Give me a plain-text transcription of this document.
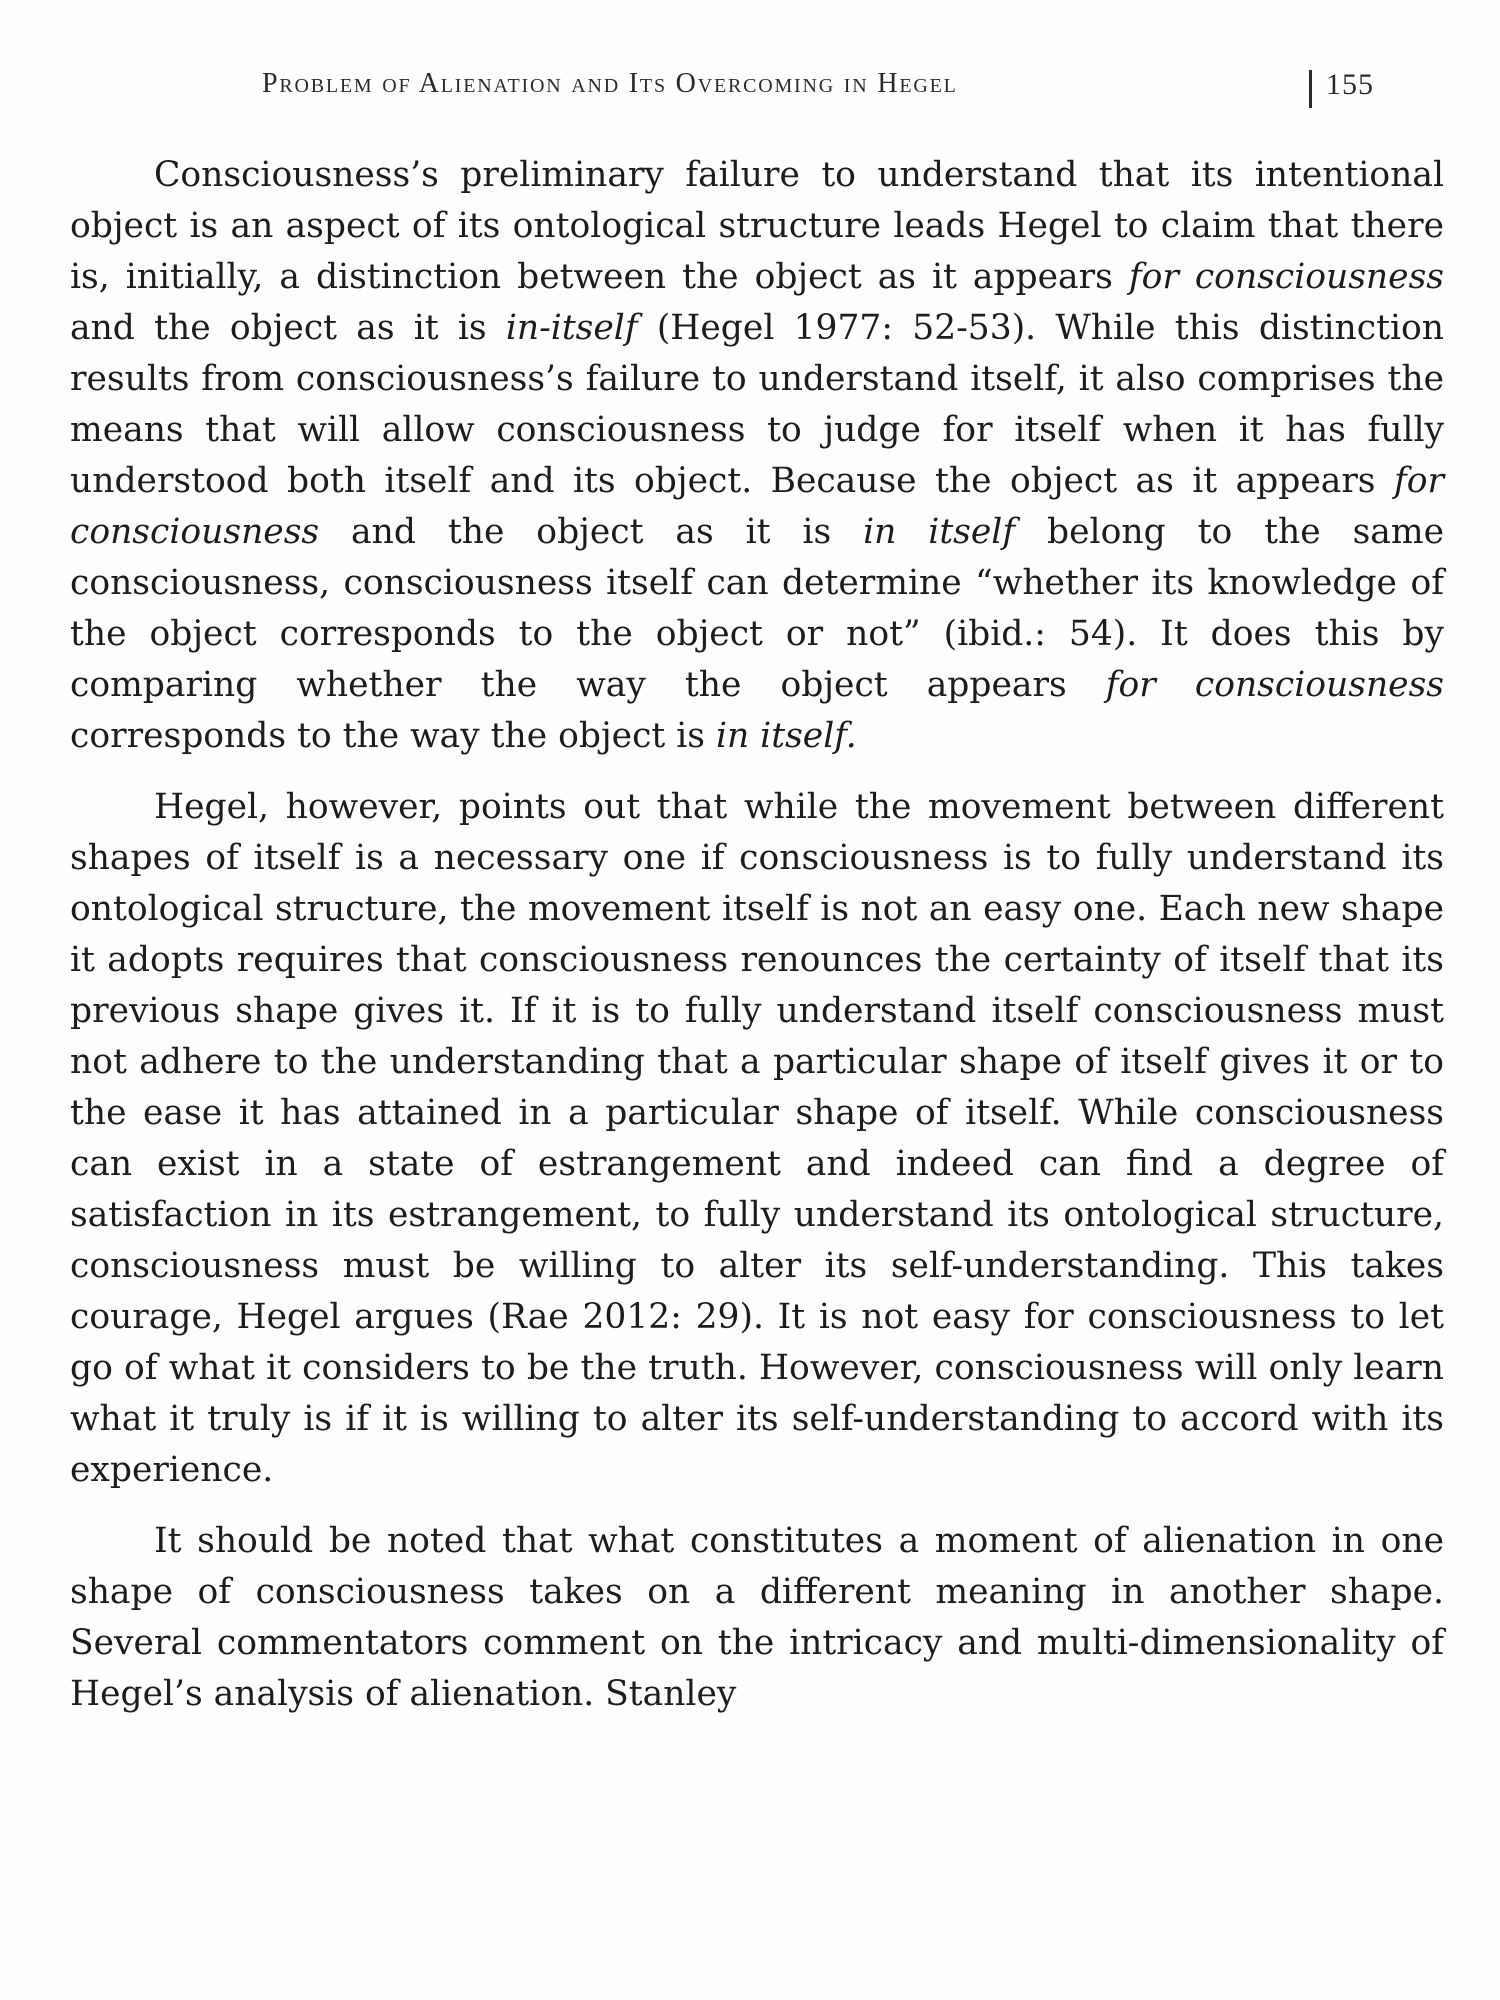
Problem of Alienation and Its Overcoming in Hegel	155

Consciousness’s preliminary failure to understand that its intentional object is an aspect of its ontological structure leads Hegel to claim that there is, initially, a distinction between the object as it appears for consciousness and the object as it is in-itself (Hegel 1977: 52-53). While this distinction results from consciousness’s failure to understand itself, it also comprises the means that will allow consciousness to judge for itself when it has fully understood both itself and its object. Because the object as it appears for consciousness and the object as it is in itself belong to the same consciousness, consciousness itself can determine “whether its knowledge of the object corresponds to the object or not” (ibid.: 54). It does this by comparing whether the way the object appears for consciousness corresponds to the way the object is in itself.

Hegel, however, points out that while the movement between different shapes of itself is a necessary one if consciousness is to fully understand its ontological structure, the movement itself is not an easy one. Each new shape it adopts requires that consciousness renounces the certainty of itself that its previous shape gives it. If it is to fully understand itself consciousness must not adhere to the understanding that a particular shape of itself gives it or to the ease it has attained in a particular shape of itself. While consciousness can exist in a state of estrangement and indeed can find a degree of satisfaction in its estrangement, to fully understand its ontological structure, consciousness must be willing to alter its self-understanding. This takes courage, Hegel argues (Rae 2012: 29). It is not easy for consciousness to let go of what it considers to be the truth. However, consciousness will only learn what it truly is if it is willing to alter its self-understanding to accord with its experience.

It should be noted that what constitutes a moment of alienation in one shape of consciousness takes on a different meaning in another shape. Several commentators comment on the intricacy and multi-dimensionality of Hegel’s analysis of alienation. Stanley
